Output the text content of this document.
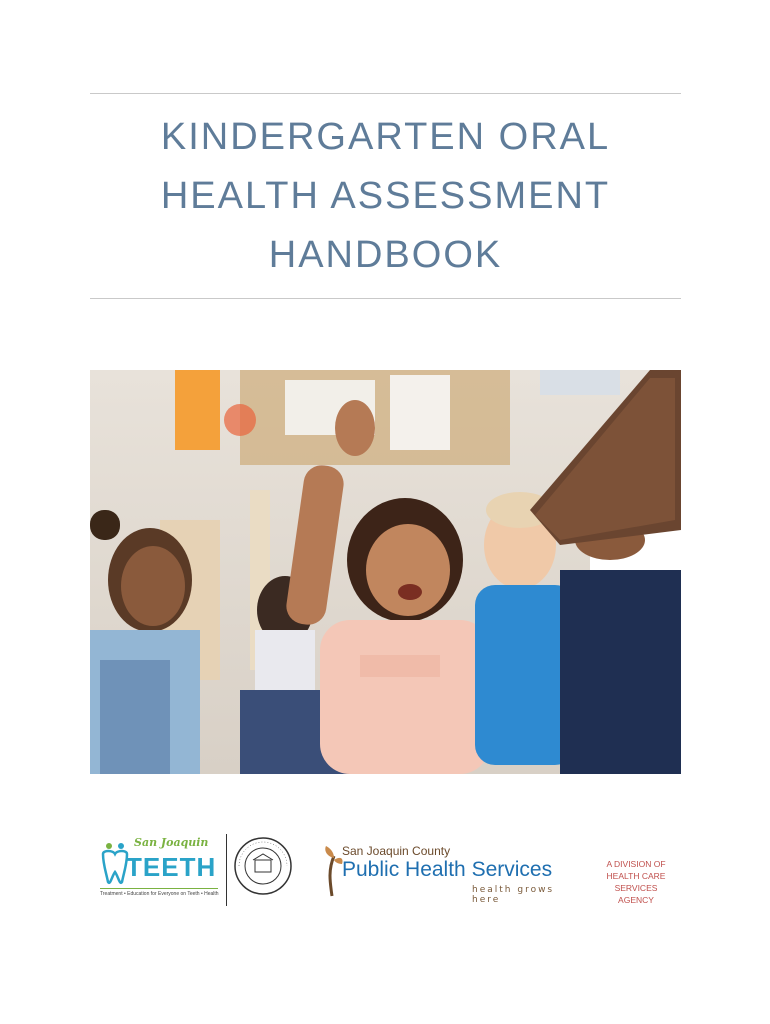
KINDERGARTEN ORAL
HEALTH ASSESSMENT
HANDBOOK
San Joaquin
TEETH
Treatment • Education for Everyone on Teeth • Health
San Joaquin County
Public Health Services
health grows here
A DIVISION OF
HEALTH CARE
SERVICES AGENCY
